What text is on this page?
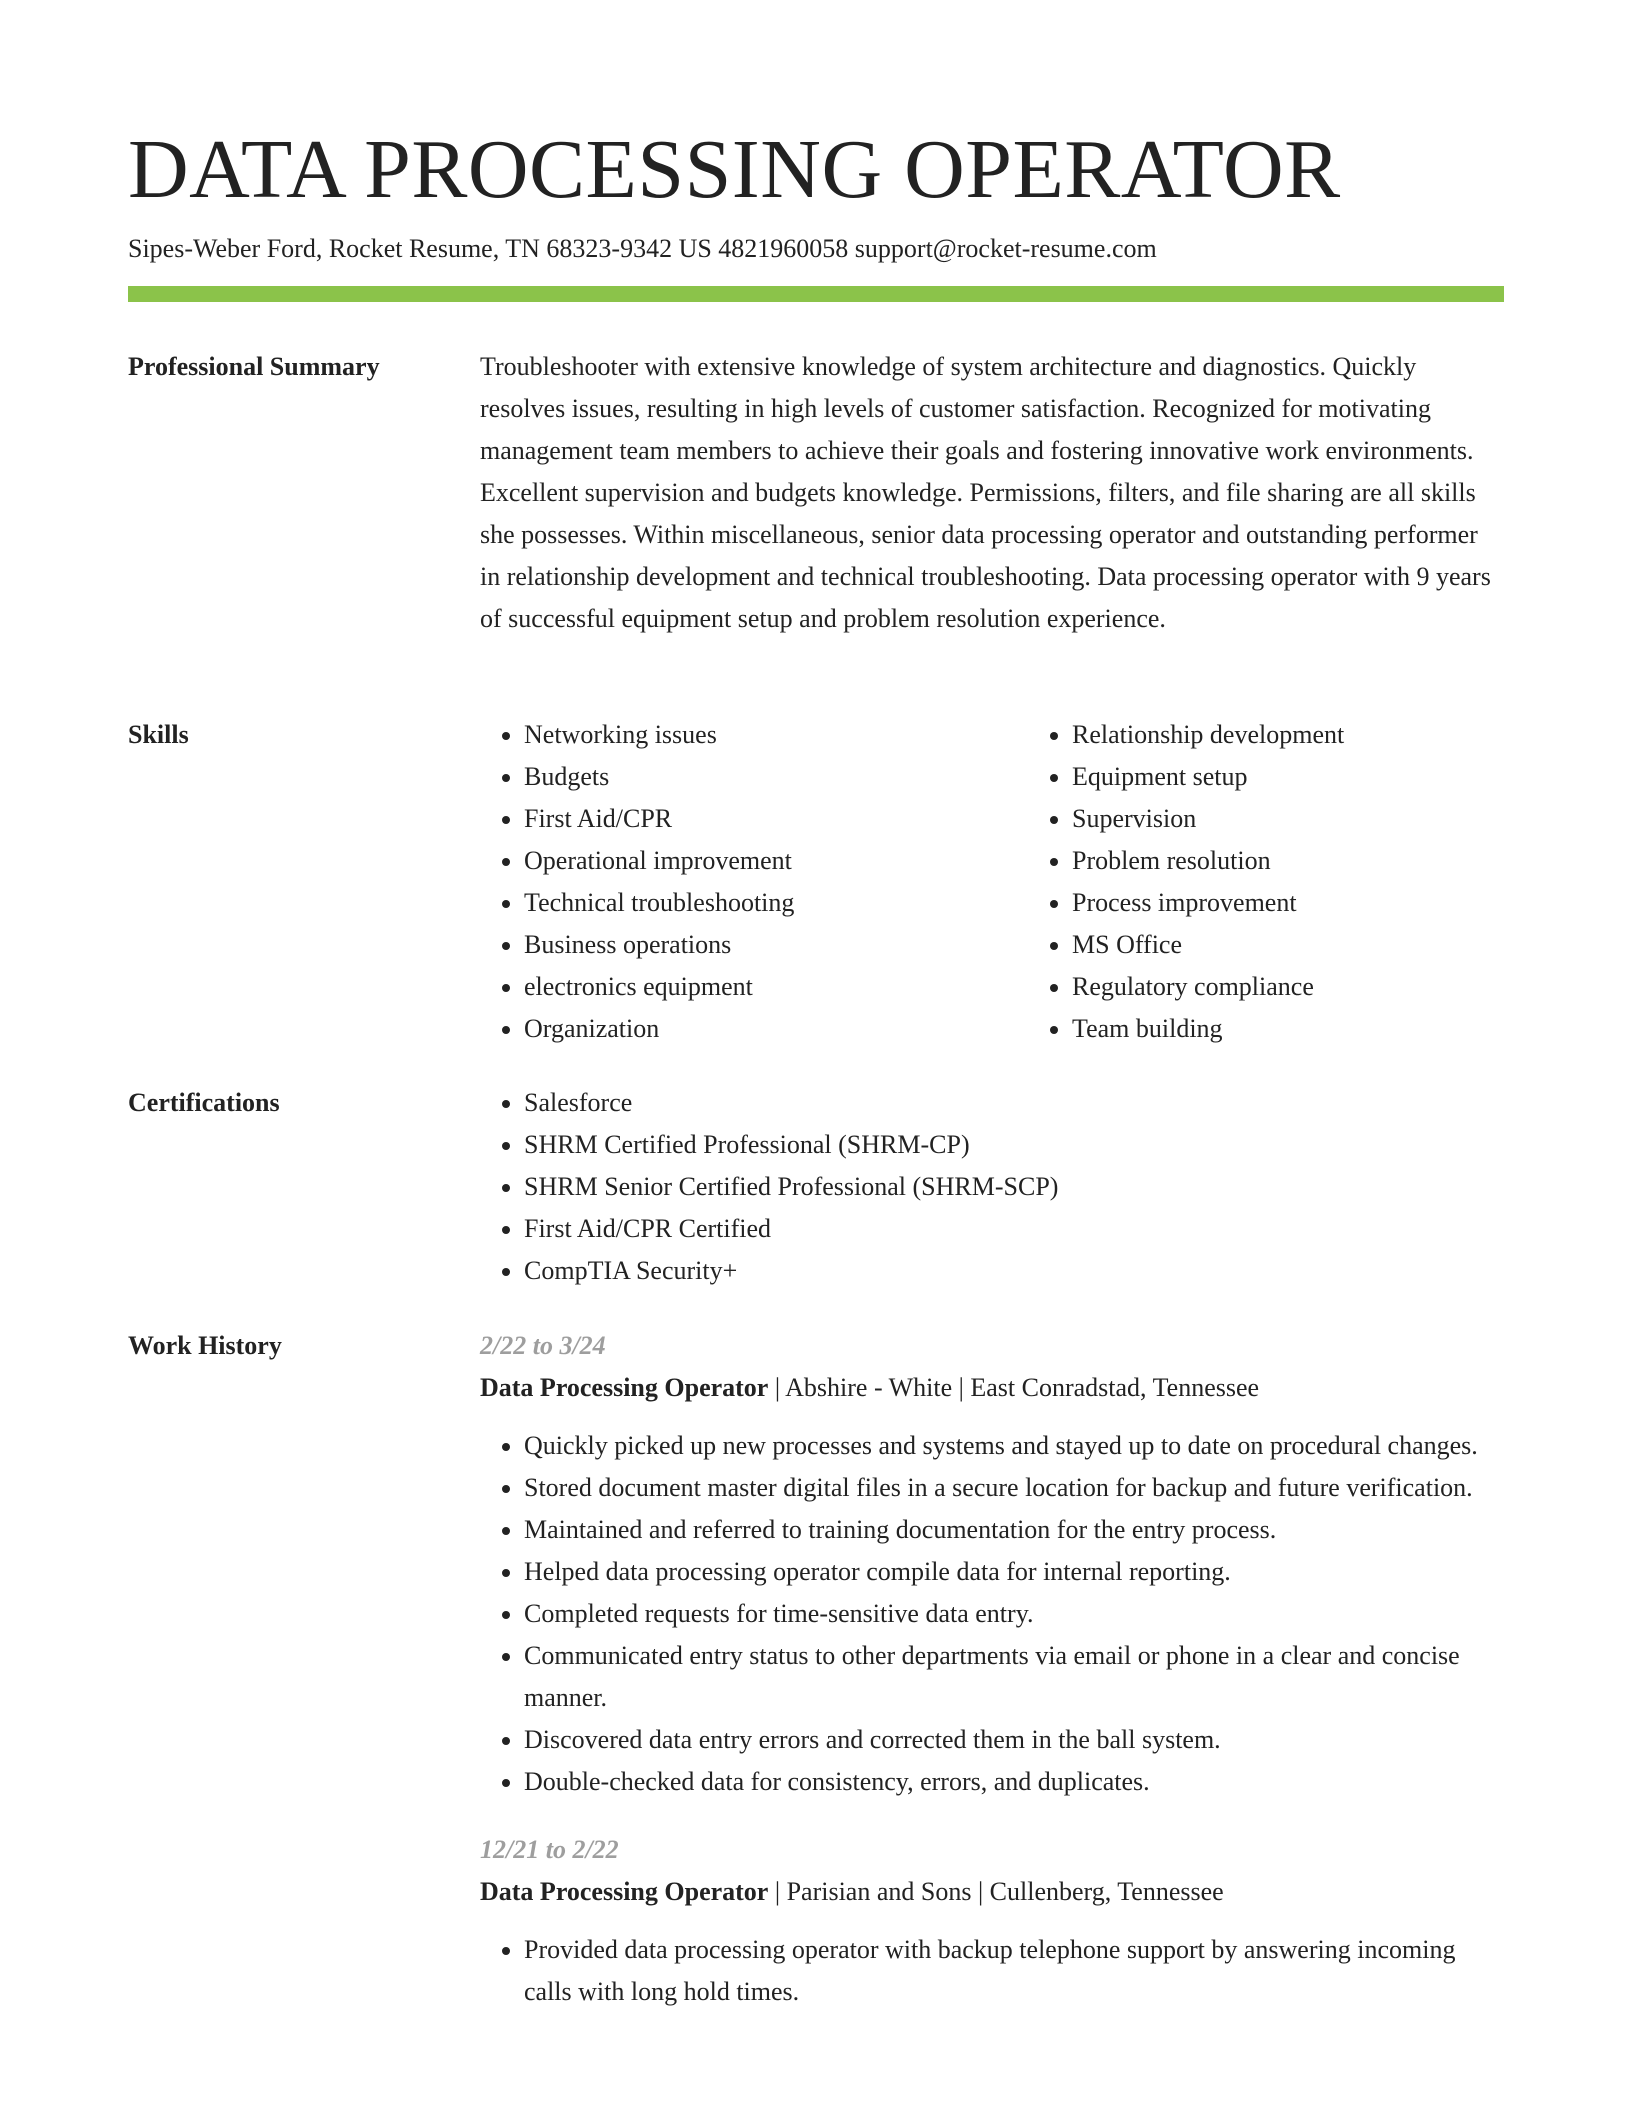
DATA PROCESSING OPERATOR
Sipes-Weber Ford, Rocket Resume, TN 68323-9342 US 4821960058 support@rocket-resume.com
Professional Summary	Troubleshooter with extensive knowledge of system architecture and diagnostics. Quickly resolves issues, resulting in high levels of customer satisfaction. Recognized for motivating management team members to achieve their goals and fostering innovative work environments. Excellent supervision and budgets knowledge. Permissions, filters, and file sharing are all skills she possesses. Within miscellaneous, senior data processing operator and outstanding performer in relationship development and technical troubleshooting. Data processing operator with 9 years of successful equipment setup and problem resolution experience.

Skills	• Networking issues
• Budgets
• First Aid/CPR
• Operational improvement
• Technical troubleshooting
• Business operations
• electronics equipment
• Organization
• Relationship development
• Equipment setup
• Supervision
• Problem resolution
• Process improvement
• MS Office
• Regulatory compliance
• Team building
Certifications	• Salesforce
• SHRM Certified Professional (SHRM-CP)
• SHRM Senior Certified Professional (SHRM-SCP)
• First Aid/CPR Certified
• CompTIA Security+
Work History	2/22 to 3/24
Data Processing Operator | Abshire - White | East Conradstad, Tennessee
• Quickly picked up new processes and systems and stayed up to date on procedural changes.
• Stored document master digital files in a secure location for backup and future verification.
• Maintained and referred to training documentation for the entry process.
• Helped data processing operator compile data for internal reporting.
• Completed requests for time-sensitive data entry.
• Communicated entry status to other departments via email or phone in a clear and concise manner.
• Discovered data entry errors and corrected them in the ball system.
• Double-checked data for consistency, errors, and duplicates.
12/21 to 2/22
Data Processing Operator | Parisian and Sons | Cullenberg, Tennessee
• Provided data processing operator with backup telephone support by answering incoming calls with long hold times.
